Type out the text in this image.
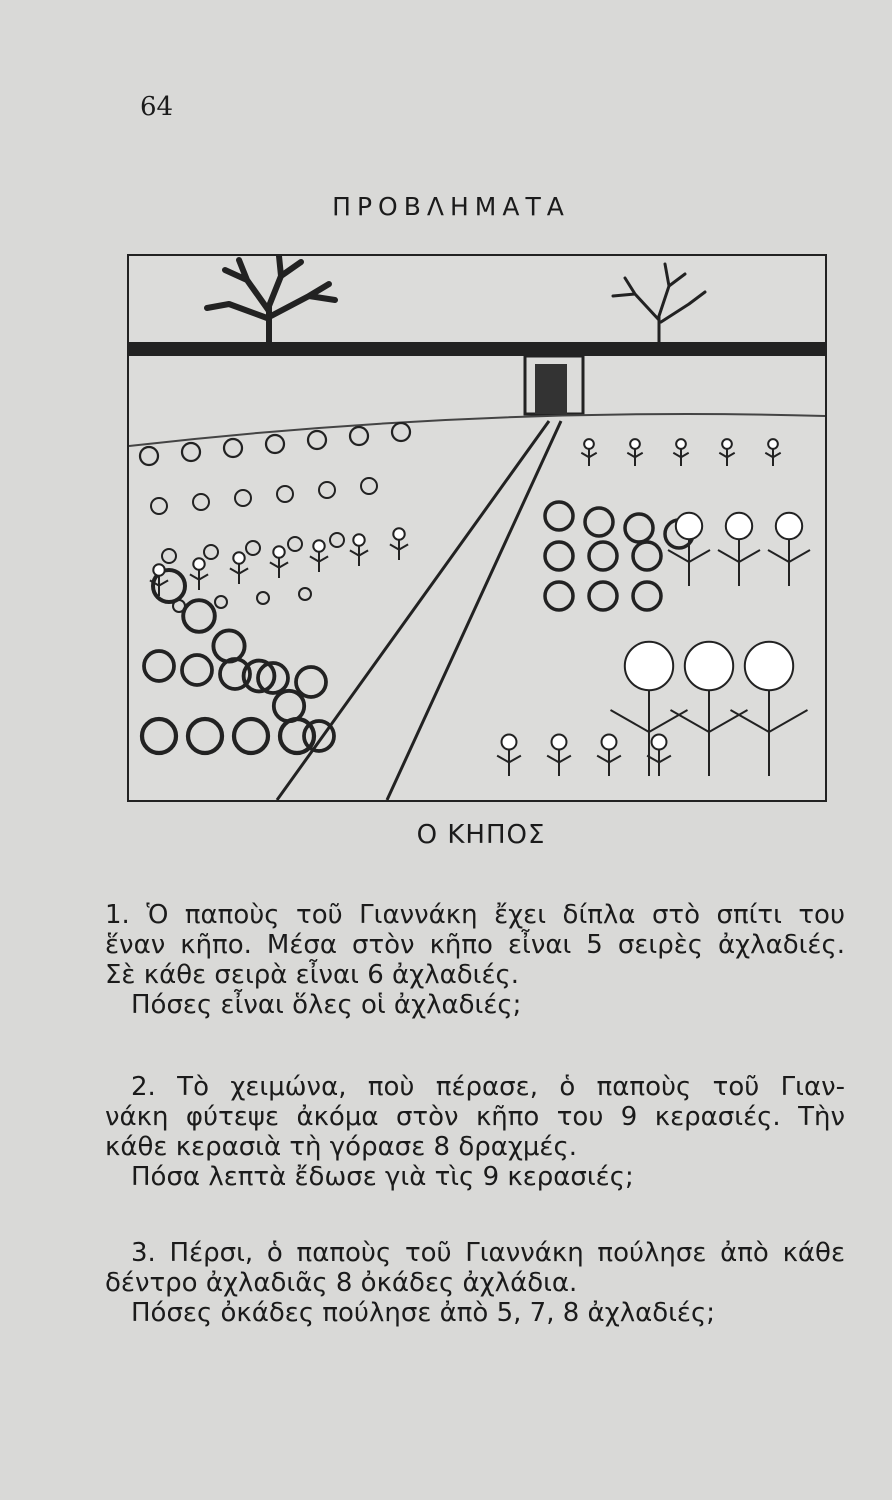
64
ΠΡΟΒΛΗΜΑΤΑ
Ο ΚΗΠΟΣ
1. Ὁ παποὺς τοῦ Γιαννάκη ἔχει δίπλα στὸ σπίτι του
ἕναν κῆπο. Μέσα στὸν κῆπο εἶναι 5 σειρὲς ἀχλαδιές.
Σὲ κάθε σειρὰ εἶναι 6 ἀχλαδιές.
Πόσες εἶναι ὅλες οἱ ἀχλαδιές;
2. Τὸ χειμώνα, ποὺ πέρασε, ὁ παποὺς τοῦ Γιαν-
νάκη φύτεψε ἀκόμα στὸν κῆπο του 9 κερασιές. Τὴν
κάθε κερασιὰ τὴ γόρασε 8 δραχμές.
Πόσα λεπτὰ ἔδωσε γιὰ τὶς 9 κερασιές;
3. Πέρσι, ὁ παποὺς τοῦ Γιαννάκη πούλησε ἀπὸ κάθε
δέντρο ἀχλαδιᾶς 8 ὀκάδες ἀχλάδια.
Πόσες ὀκάδες πούλησε ἀπὸ 5, 7, 8 ἀχλαδιές;
